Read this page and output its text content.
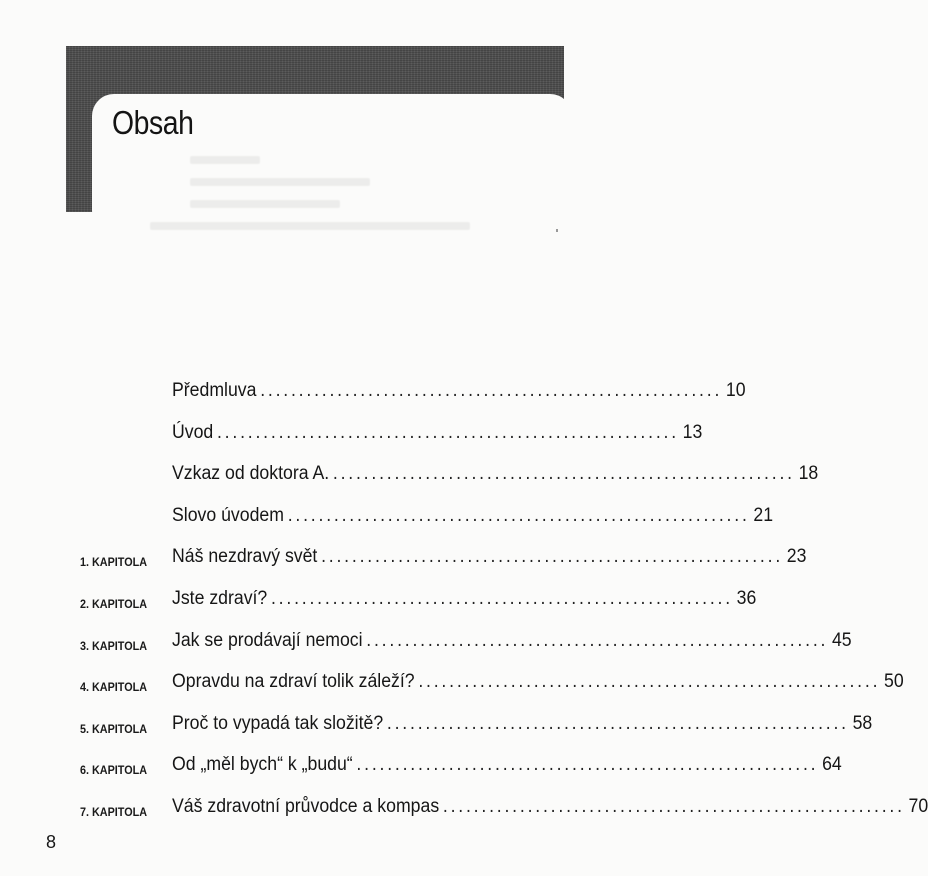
Obsah
Předmluva ............................................................ 10
Úvod ............................................................ 13
Vzkaz od doktora A. ............................................................ 18
Slovo úvodem ............................................................ 21
1. KAPITOLA Náš nezdravý svět ............................................................ 23
2. KAPITOLA Jste zdraví? ............................................................ 36
3. KAPITOLA Jak se prodávají nemoci ............................................................ 45
4. KAPITOLA Opravdu na zdraví tolik záleží? ............................................................ 50
5. KAPITOLA Proč to vypadá tak složitě? ............................................................ 58
6. KAPITOLA Od „měl bych“ k „budu“ ............................................................ 64
7. KAPITOLA Váš zdravotní průvodce a kompas ............................................................ 70
8
